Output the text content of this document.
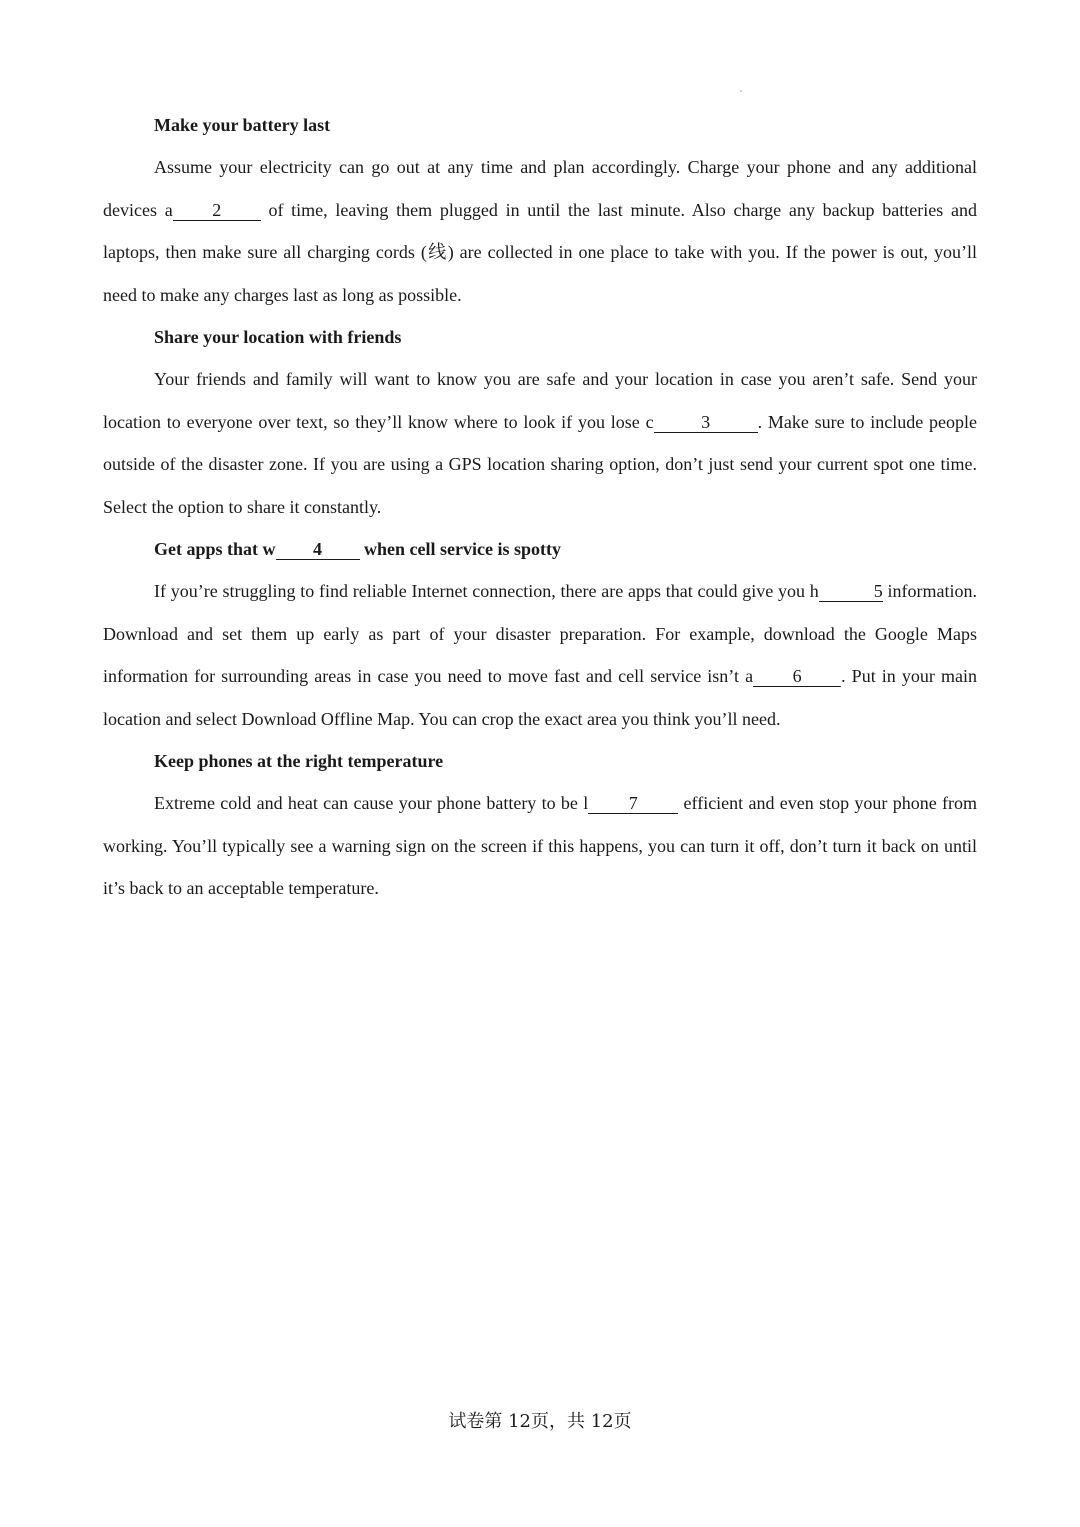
Make your battery last

Assume your electricity can go out at any time and plan accordingly. Charge your phone and any additional devices a 2 of time, leaving them plugged in until the last minute. Also charge any backup batteries and laptops, then make sure all charging cords (线) are collected in one place to take with you. If the power is out, you’ll need to make any charges last as long as possible.

Share your location with friends

Your friends and family will want to know you are safe and your location in case you aren’t safe. Send your location to everyone over text, so they’ll know where to look if you lose c	3	. Make sure to include people outside of the disaster zone. If you are using a GPS location sharing option, don’t just send your current spot one time. Select the option to share it constantly.

Get apps that w 4 when cell service is spotty

If you’re struggling to find reliable Internet connection, there are apps that could give you h	5 information. Download and set them up early as part of your disaster preparation. For example, download the Google Maps information for surrounding areas in case you need to move fast and cell service isn’t a 6 . Put in your main location and select Download Offline Map. You can crop the exact area you think you’ll need.

Keep phones at the right temperature

Extreme cold and heat can cause your phone battery to be l 7 efficient and even stop your phone from working. You’ll typically see a warning sign on the screen if this happens, you can turn it off, don’t turn it back on until it’s back to an acceptable temperature.

试卷第 12页，共 12页
